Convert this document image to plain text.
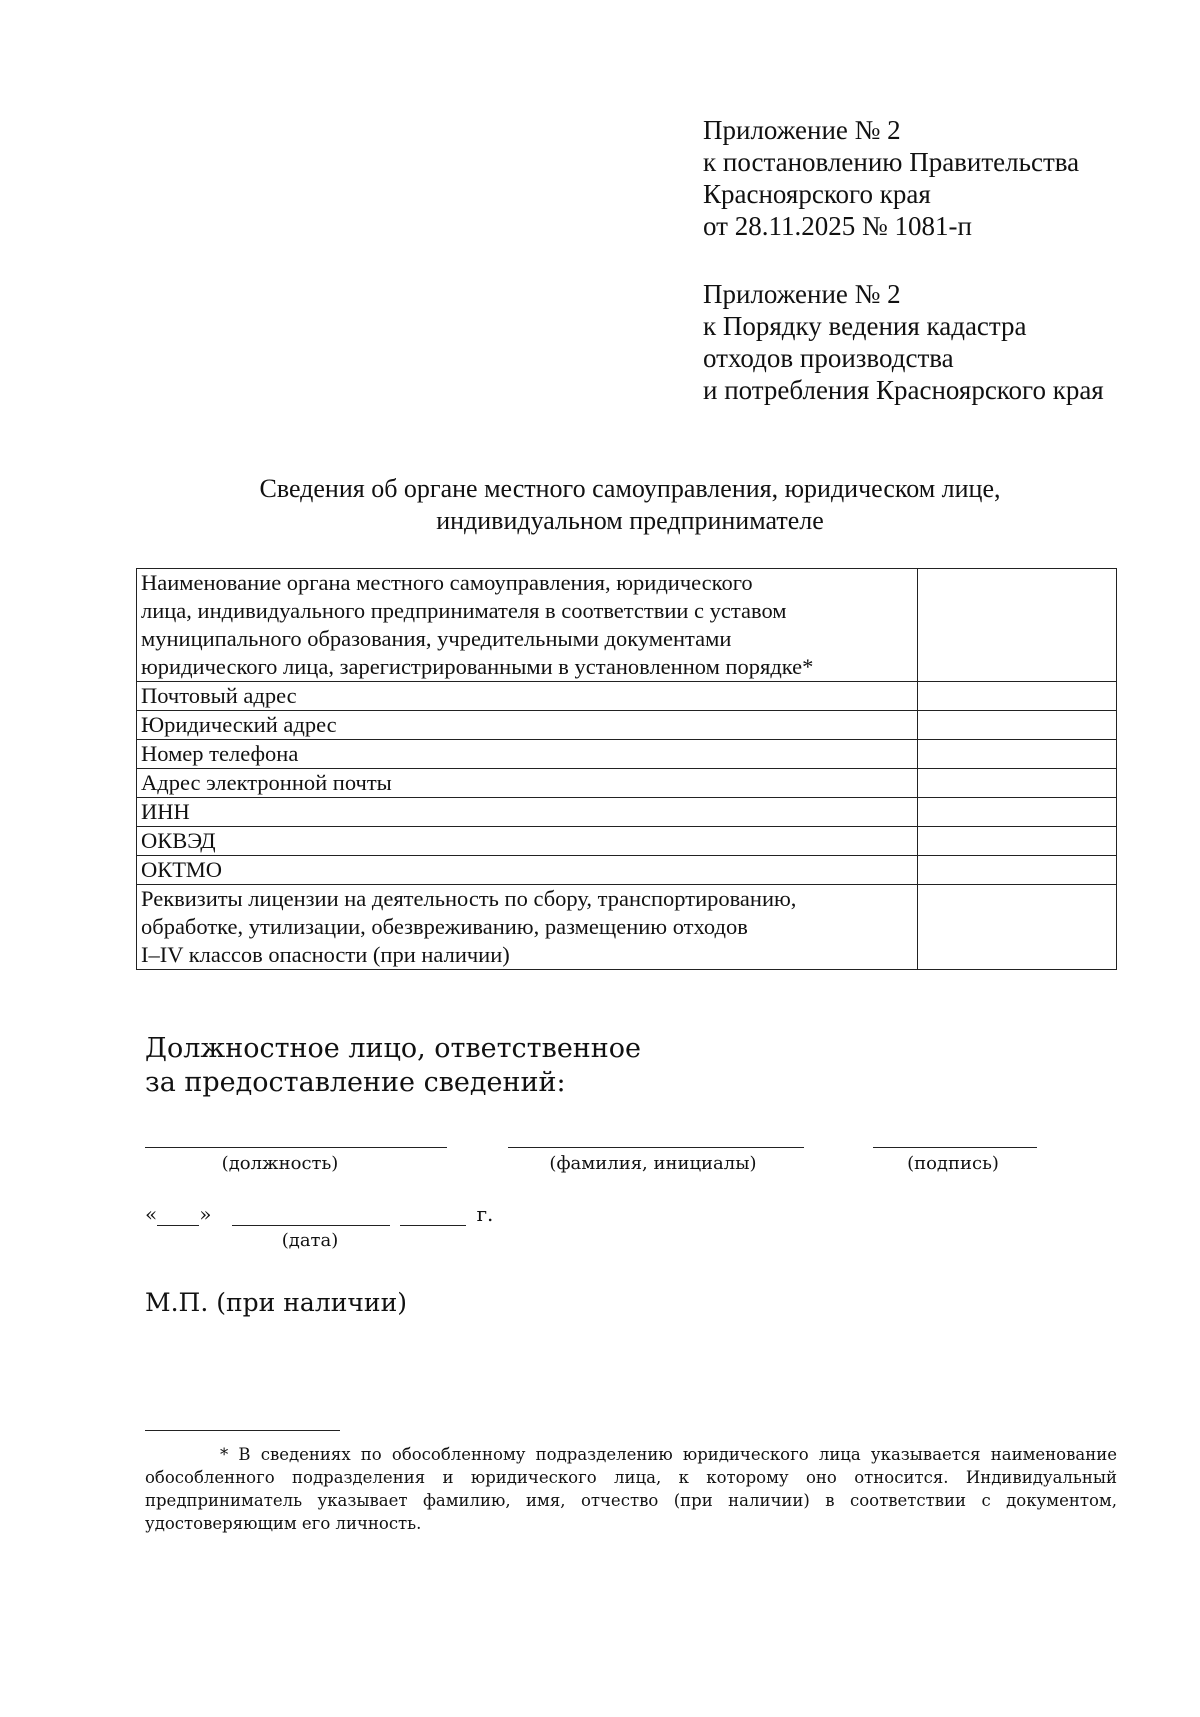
Приложение № 2
к постановлению Правительства
Красноярского края
от 28.11.2025 № 1081-п
Приложение № 2
к Порядку ведения кадастра
отходов производства
и потребления Красноярского края
Сведения об органе местного самоуправления, юридическом лице,
индивидуальном предпринимателе
Наименование органа местного самоуправления, юридического
лица, индивидуального предпринимателя в соответствии с уставом
муниципального образования, учредительными документами
юридического лица, зарегистрированными в установленном порядке*	

Почтовый адрес	

Юридический адрес	

Номер телефона	

Адрес электронной почты	

ИНН	

ОКВЭД	

ОКТМО	

Реквизиты лицензии на деятельность по сбору, транспортированию,
обработке, утилизации, обезвреживанию, размещению отходов
I–IV классов опасности (при наличии)	

Должностное лицо, ответственное
за предоставление сведений:
(должность)	(фамилия, инициалы)	(подпись)
« »	г.
(дата)
М.П. (при наличии)
* В сведениях по обособленному подразделению юридического лица указывается наименование обособленного подразделения и юридического лица, к которому оно относится. Индивидуальный предприниматель указывает фамилию, имя, отчество (при наличии) в соответствии с документом, удостоверяющим его личность.
